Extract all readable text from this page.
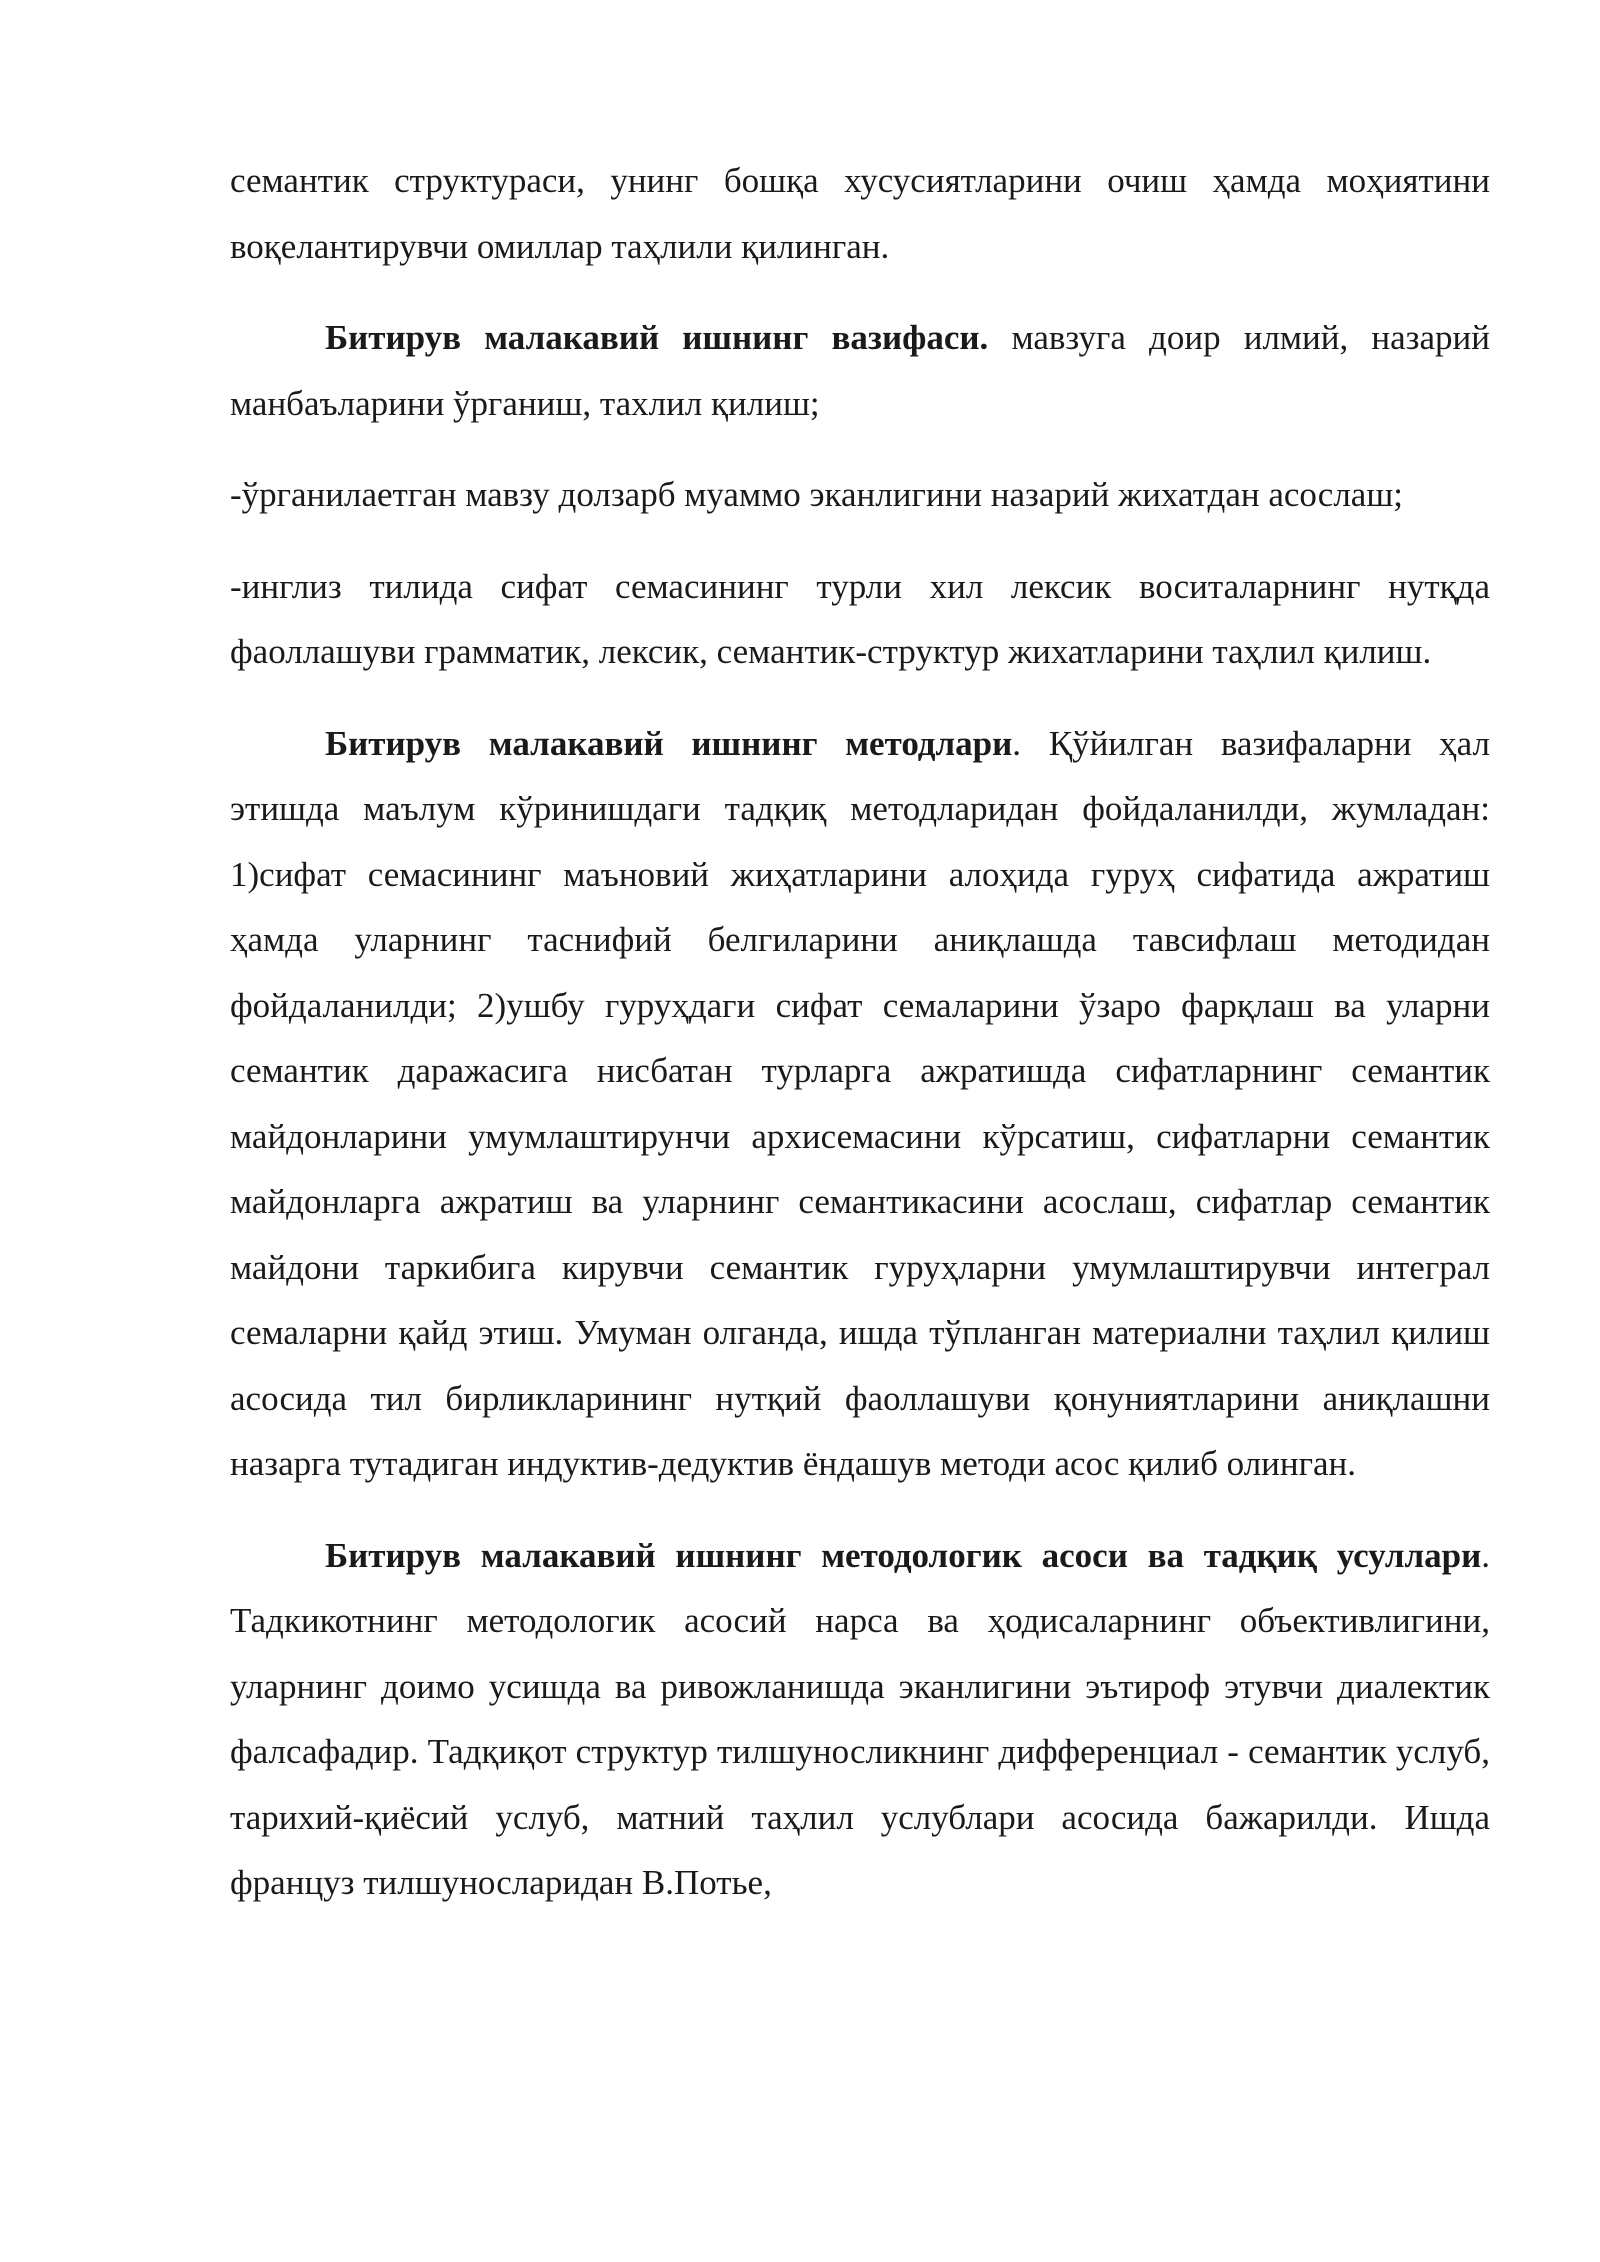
семантик структураси, унинг бошқа хусусиятларини очиш ҳамда моҳиятини воқелантирувчи омиллар таҳлили қилинган.

Битирув малакавий ишнинг вазифаси. мавзуга доир илмий, назарий манбаъларини ўрганиш, тахлил қилиш;

-ўрганилаетган мавзу долзарб муаммо эканлигини назарий жихатдан асослаш;

-инглиз тилида сифат семасининг турли хил лексик воситаларнинг нутқда фаоллашуви грамматик, лексик, семантик-структур жихатларини таҳлил қилиш.

Битирув малакавий ишнинг методлари. Қўйилган вазифаларни ҳал этишда маълум кўринишдаги тадқиқ методларидан фойдаланилди, жумладан: 1)сифат семасининг маъновий жиҳатларини алоҳида гуруҳ сифатида ажратиш ҳамда уларнинг таснифий белгиларини аниқлашда тавсифлаш методидан фойдаланилди; 2)ушбу гуруҳдаги сифат семаларини ўзаро фарқлаш ва уларни семантик даражасига нисбатан турларга ажратишда сифатларнинг семантик майдонларини умумлаштирунчи архисемасини кўрсатиш, сифатларни семантик майдонларга ажратиш ва уларнинг семантикасини асослаш, сифатлар семантик майдони таркибига кирувчи семантик гуруҳларни умумлаштирувчи интеграл семаларни қайд этиш. Умуман олганда, ишда тўпланган материални таҳлил қилиш асосида тил бирликларининг нутқий фаоллашуви қонуниятларини аниқлашни назарга тутадиган индуктив-дедуктив ёндашув методи асос қилиб олинган.

Битирув малакавий ишнинг методологик асоси ва тадқиқ усуллари. Тадкикотнинг методологик асосий нарса ва ҳодисаларнинг объективлигини, уларнинг доимо усишда ва ривожланишда эканлигини эътироф этувчи диалектик фалсафадир. Тадқиқот структур тилшуносликнинг дифференциал - семантик услуб, тарихий-қиёсий услуб, матний таҳлил услублари асосида бажарилди. Ишда француз тилшуносларидан В.Потье,
